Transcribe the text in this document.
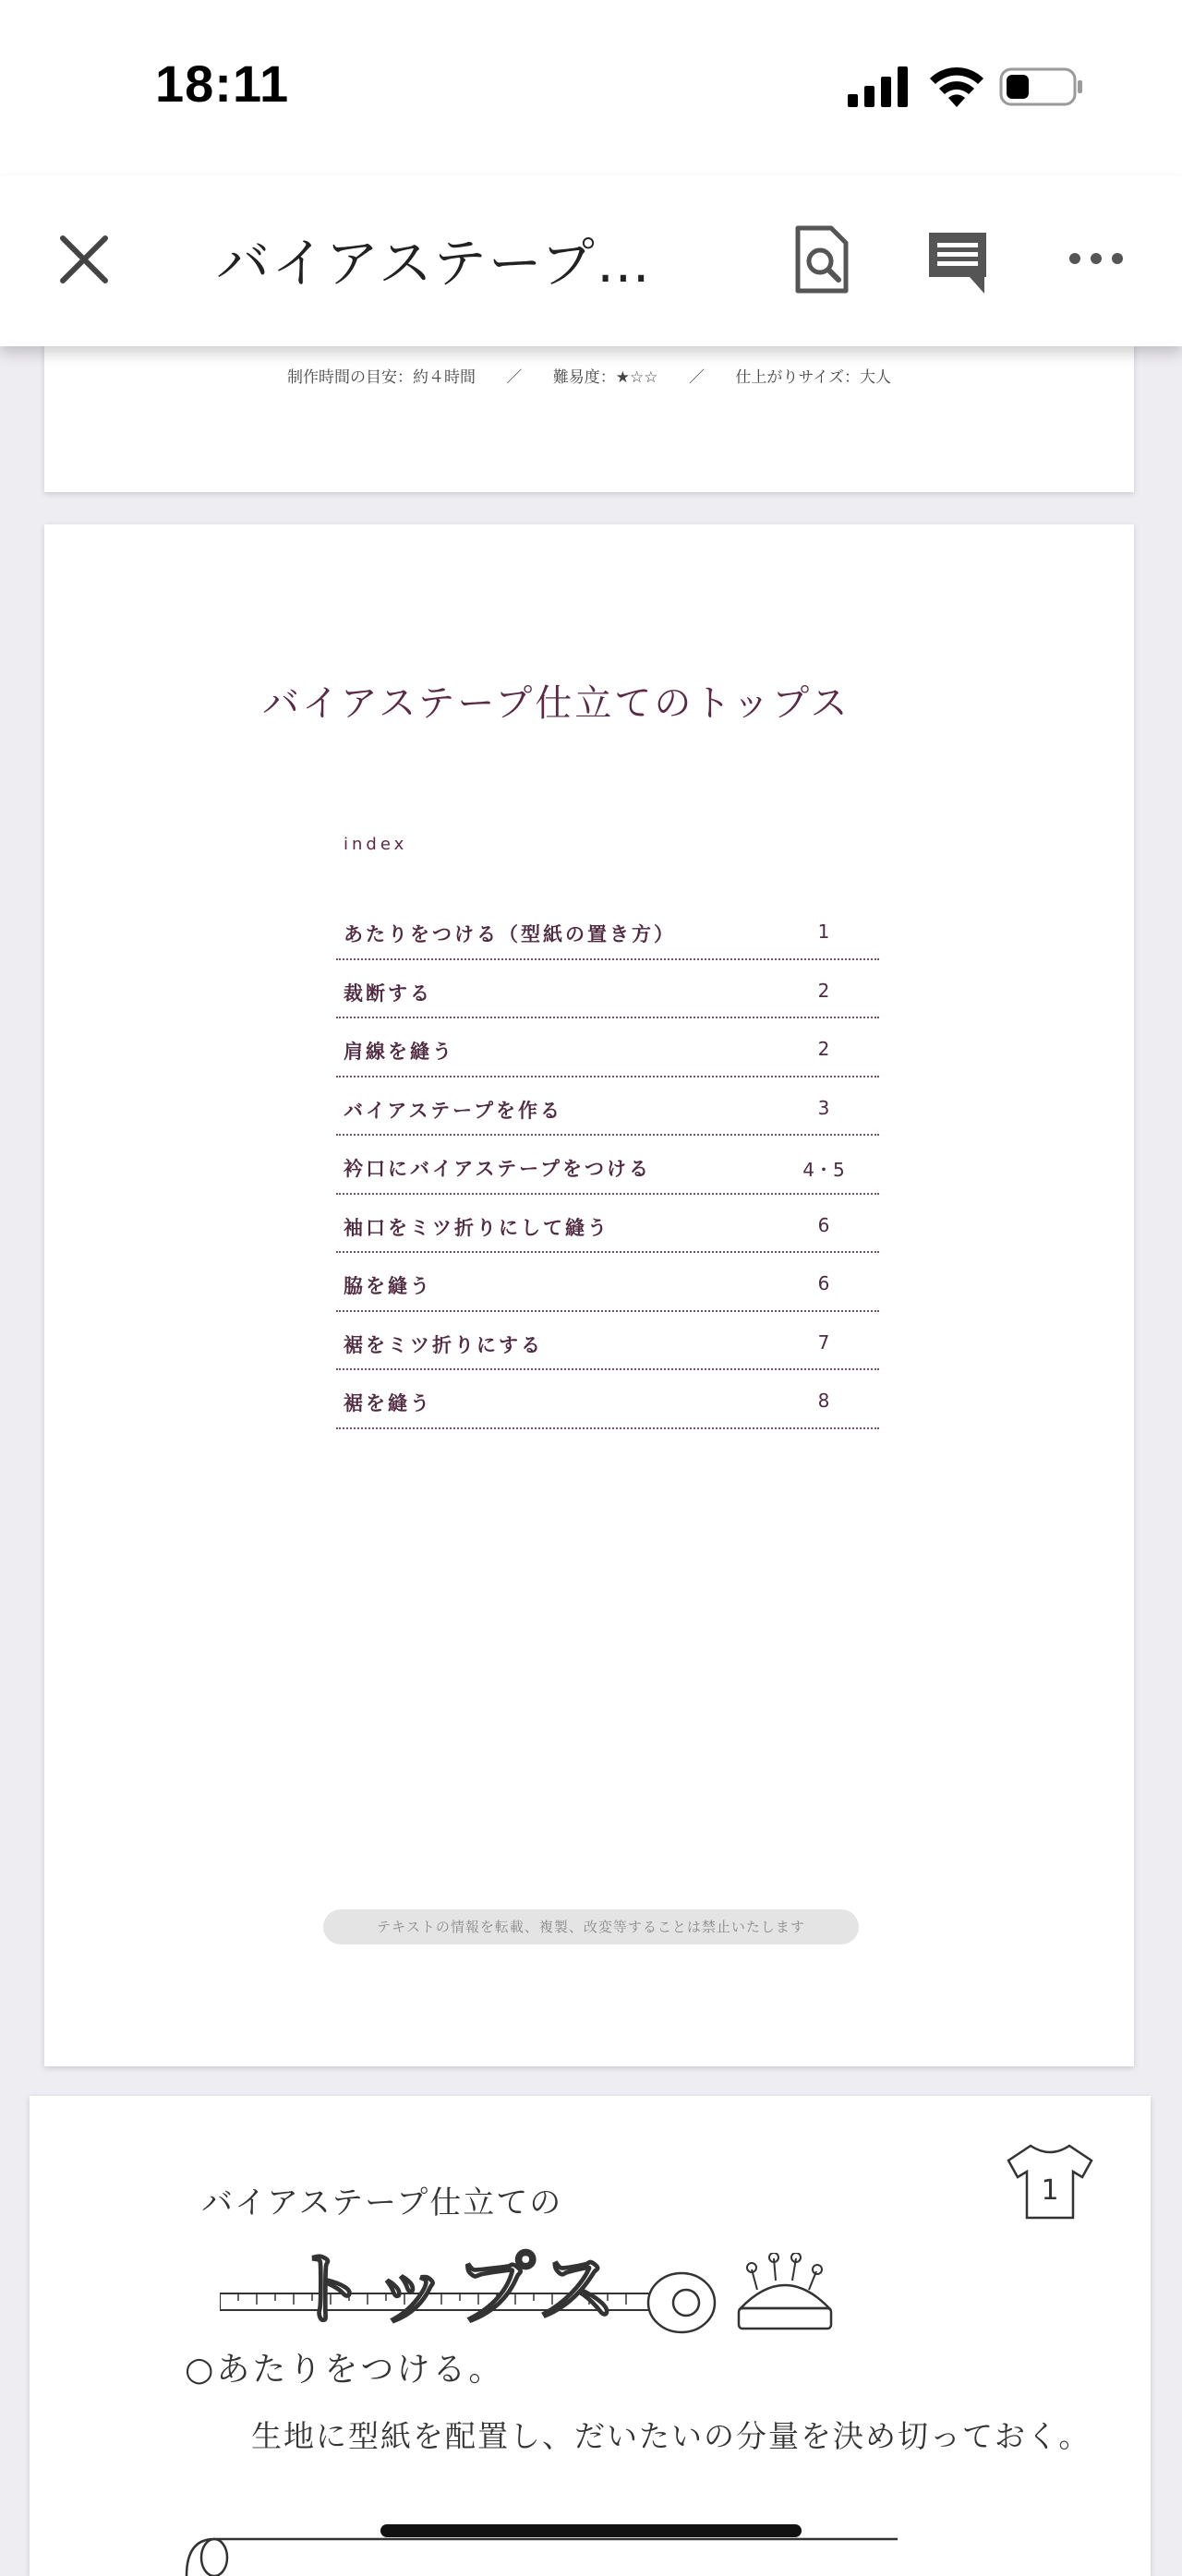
18:11
バイアステープ…
制作時間の目安：約４時間 ／ 難易度：★☆☆ ／ 仕上がりサイズ：大人
バイアステープ仕立てのトップス
index
あたりをつける（型紙の置き方）	1
裁断する	2
肩線を縫う	2
バイアステープを作る	3
衿口にバイアステープをつける	4・5
袖口をミツ折りにして縫う	6
脇を縫う	6
裾をミツ折りにする	7
裾を縫う	8
テキストの情報を転載、複製、改変等することは禁止いたします
バイアステープ仕立ての
トップス
1
○あたりをつける。
生地に型紙を配置し、だいたいの分量を決め切っておく。
